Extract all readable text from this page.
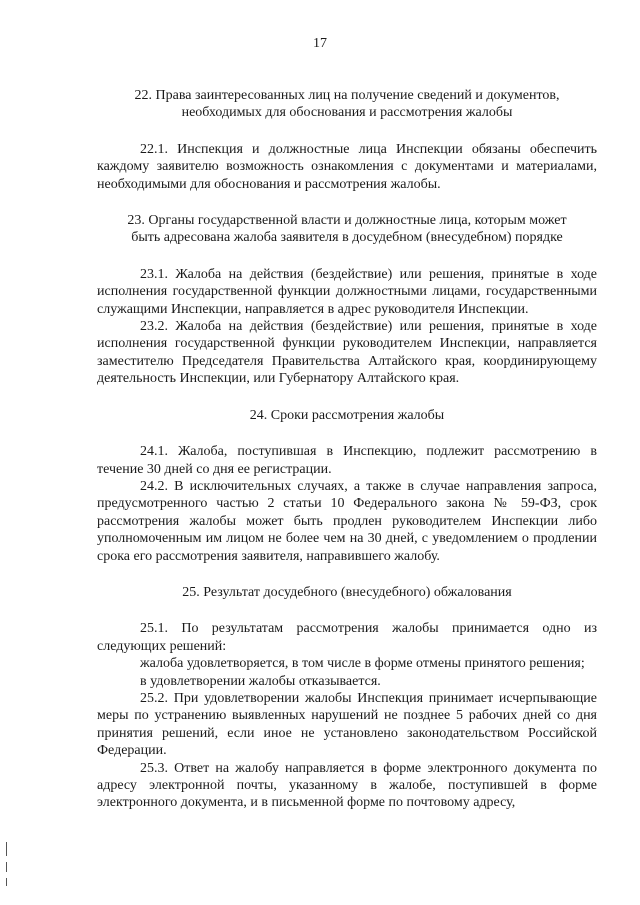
17

22. Права заинтересованных лиц на получение сведений и документов,

необходимых для обоснования и рассмотрения жалобы

22.1. Инспекция и должностные лица Инспекции обязаны обеспечить каждому заявителю возможность ознакомления с документами и материалами, необходимыми для обоснования и рассмотрения жалобы.

23. Органы государственной власти и должностные лица, которым может

быть адресована жалоба заявителя в досудебном (внесудебном) порядке

23.1. Жалоба на действия (бездействие) или решения, принятые в ходе исполнения государственной функции должностными лицами, государственными служащими Инспекции, направляется в адрес руководителя Инспекции.

23.2. Жалоба на действия (бездействие) или решения, принятые в ходе исполнения государственной функции руководителем Инспекции, направляется заместителю Председателя Правительства Алтайского края, координирующему деятельность Инспекции, или Губернатору Алтайского края.

24. Сроки рассмотрения жалобы

24.1. Жалоба, поступившая в Инспекцию, подлежит рассмотрению в течение 30 дней со дня ее регистрации.

24.2. В исключительных случаях, а также в случае направления запроса, предусмотренного частью 2 статьи 10 Федерального закона № 59-ФЗ, срок рассмотрения жалобы может быть продлен руководителем Инспекции либо уполномоченным им лицом не более чем на 30 дней, с уведомлением о продлении срока его рассмотрения заявителя, направившего жалобу.

25. Результат досудебного (внесудебного) обжалования

25.1. По результатам рассмотрения жалобы принимается одно из следующих решений:

жалоба удовлетворяется, в том числе в форме отмены принятого решения;

в удовлетворении жалобы отказывается.

25.2. При удовлетворении жалобы Инспекция принимает исчерпывающие меры по устранению выявленных нарушений не позднее 5 рабочих дней со дня принятия решений, если иное не установлено законодательством Российской Федерации.

25.3. Ответ на жалобу направляется в форме электронного документа по адресу электронной почты, указанному в жалобе, поступившей в форме электронного документа, и в письменной форме по почтовому адресу,
